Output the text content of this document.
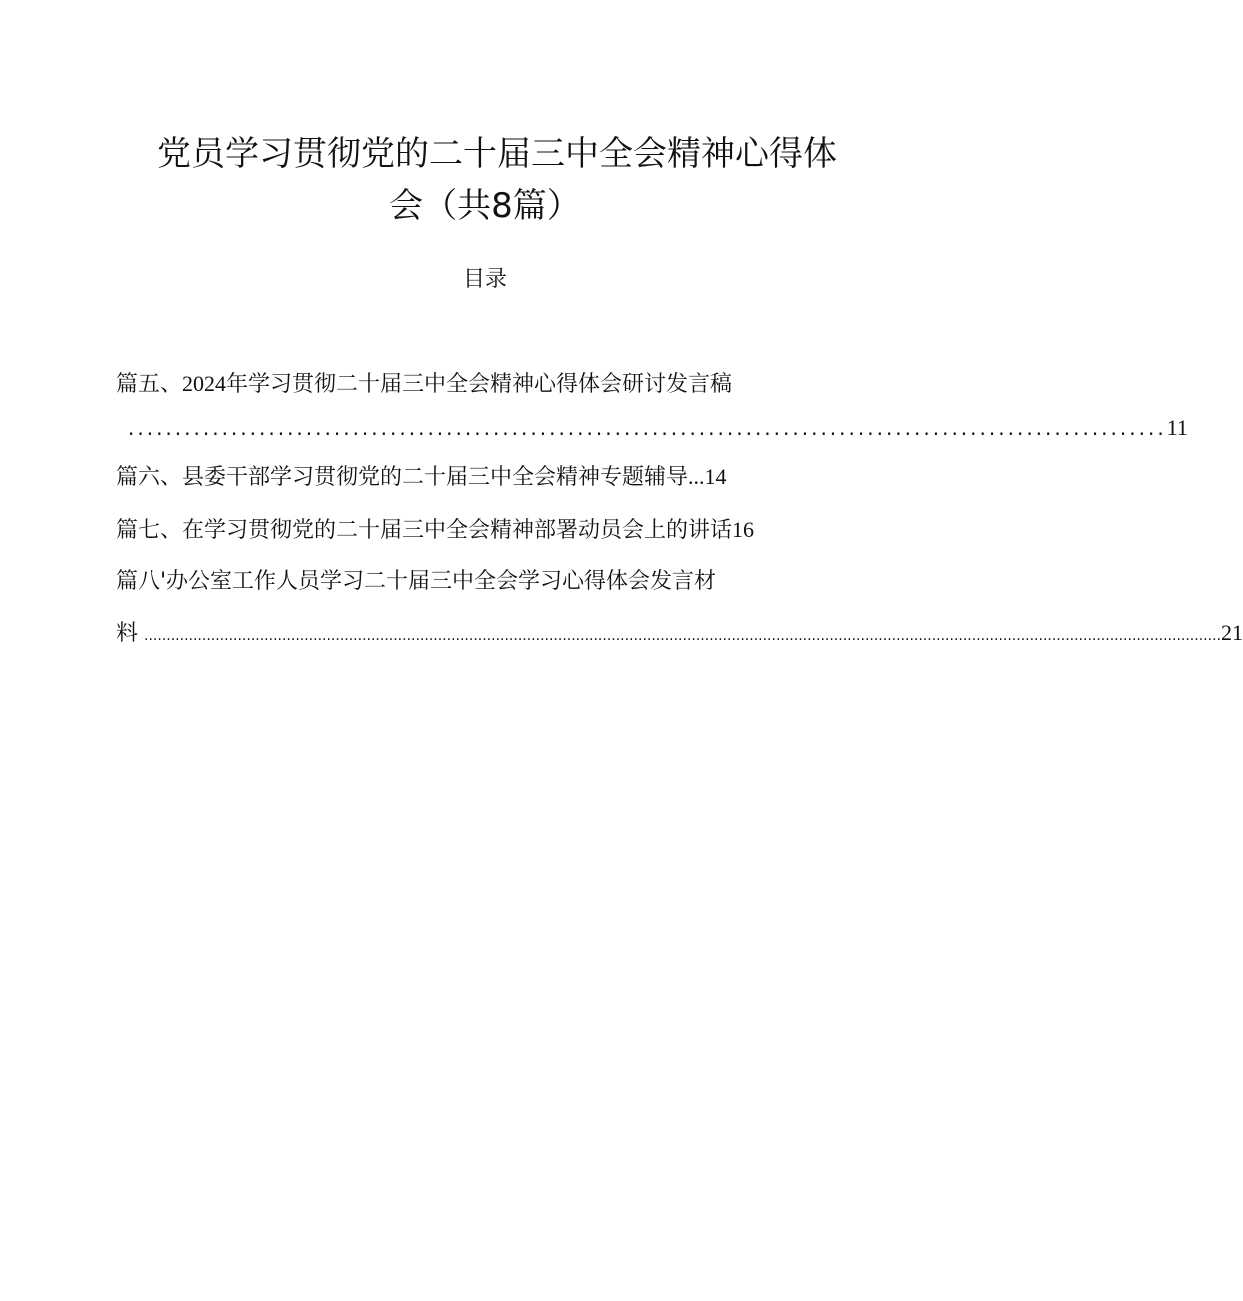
党员学习贯彻党的二十届三中全会精神心得体
会（共8篇）
目录
篇五、2024年学习贯彻二十届三中全会精神心得体会研讨发言稿
............................................................................................................... 11
篇六、县委干部学习贯彻党的二十届三中全会精神专题辅导...14
篇七、在学习贯彻党的二十届三中全会精神部署动员会上的讲话16
篇八'办公室工作人员学习二十届三中全会学习心得体会发言材
料 .................................................................................................................................................................................................................................................. 21
